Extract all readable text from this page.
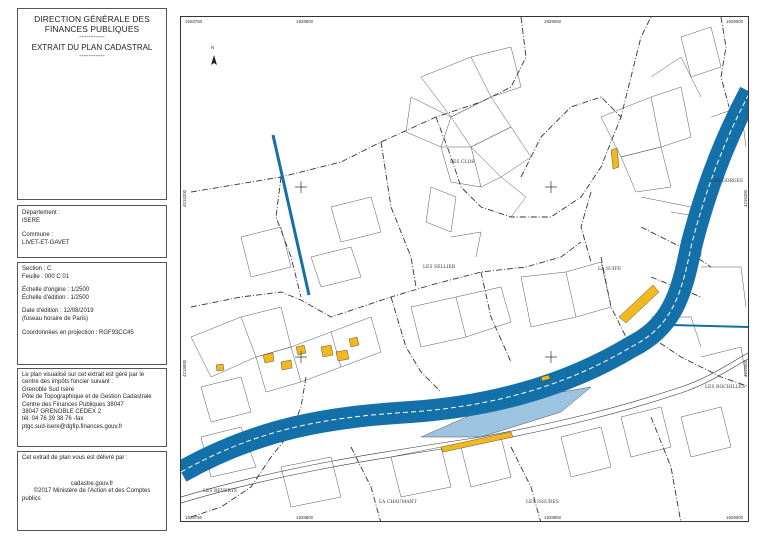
DIRECTION GÉNÉRALE DES
FINANCES PUBLIQUES
-----------
EXTRAIT DU PLAN CADASTRAL
-----------
Département :
ISERE
Commune :
LIVET-ET-GAVET
Section : C
Feuille : 000 C 01
Échelle d'origine : 1/2500
Échelle d'édition : 1/2500
Date d'édition : 12/08/2019
(fuseau horaire de Paris)
Coordonnées en projection : RGF93CC45
Le plan visualisé sur cet extrait est géré par le
centre des impôts foncier suivant :
Grenoble Sud Isère
Pôle de Topographique et de Gestion Cadastrale
Centre des Finances Publiques 38047
38047 GRENOBLE CEDEX 2
tél. 04 76 39 38 76 -fax
ptgc.sud-isere@dgfip.finances.gouv.fr
Cet extrait de plan vous est délivré par :
cadastre.gouv.fr
©2017 Ministère de l'Action et des Comptes
publics
1928750	1928800	1929050	1929000
1928750	1928800	1928850	1929000
4215200
4215000
4215200
4215000
N
LES CLOS
LES GORGES
LES SELLIER	LA SUIFE
LES ROCHILLES
LES REVERTS
LA CHAUMANT	LES ISSURES
